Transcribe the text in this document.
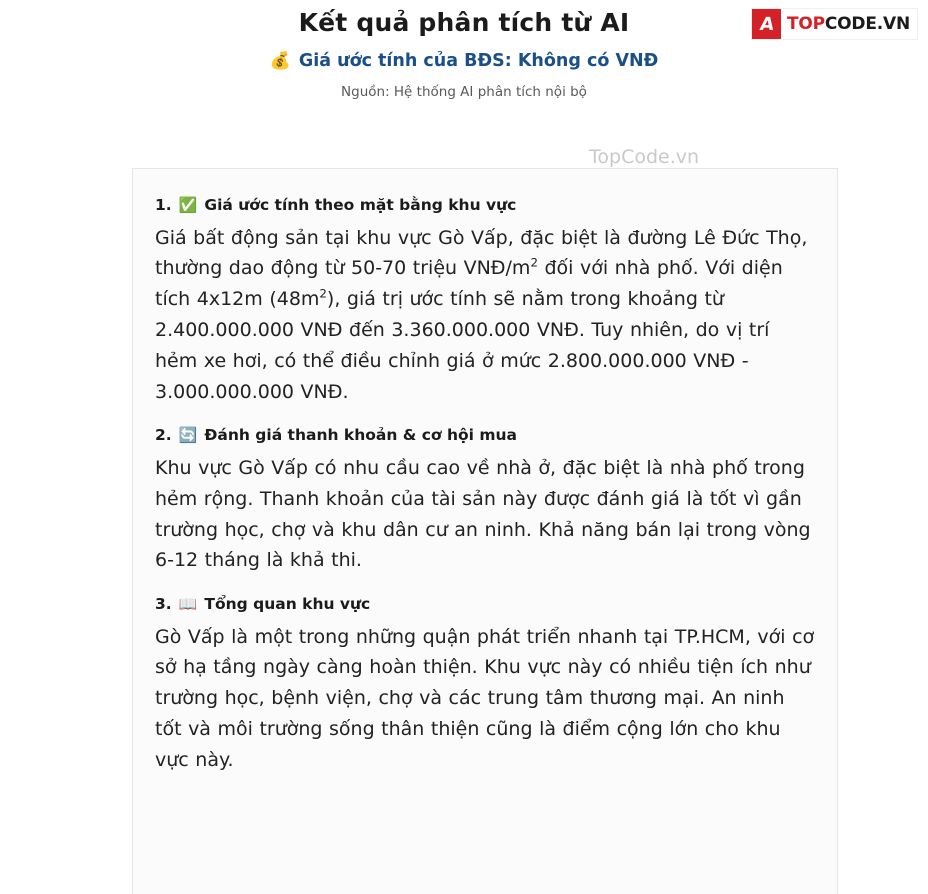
Kết quả phân tích từ AI
💰 Giá ước tính của BĐS: Không có VNĐ
Nguồn: Hệ thống AI phân tích nội bộ
A TOPCODE.VN
TopCode.vn
1. ✅ Giá ước tính theo mặt bằng khu vực

Giá bất động sản tại khu vực Gò Vấp, đặc biệt là đường Lê Đức Thọ, thường dao động từ 50-70 triệu VNĐ/$m^2$ đối với nhà phố. Với diện tích 4x12m $(48m^2)$, giá trị ước tính sẽ nằm trong khoảng từ 2.400.000.000 VNĐ đến 3.360.000.000 VNĐ. Tuy nhiên, do vị trí hẻm xe hơi, có thể điều chỉnh giá ở mức 2.800.000.000 VNĐ - 3.000.000.000 VNĐ.

2. 🔄 Đánh giá thanh khoản & cơ hội mua

Khu vực Gò Vấp có nhu cầu cao về nhà ở, đặc biệt là nhà phố trong hẻm rộng. Thanh khoản của tài sản này được đánh giá là tốt vì gần trường học, chợ và khu dân cư an ninh. Khả năng bán lại trong vòng 6-12 tháng là khả thi.

3. 📖 Tổng quan khu vực

Gò Vấp là một trong những quận phát triển nhanh tại TP.HCM, với cơ sở hạ tầng ngày càng hoàn thiện. Khu vực này có nhiều tiện ích như trường học, bệnh viện, chợ và các trung tâm thương mại. An ninh tốt và môi trường sống thân thiện cũng là điểm cộng lớn cho khu vực này.
